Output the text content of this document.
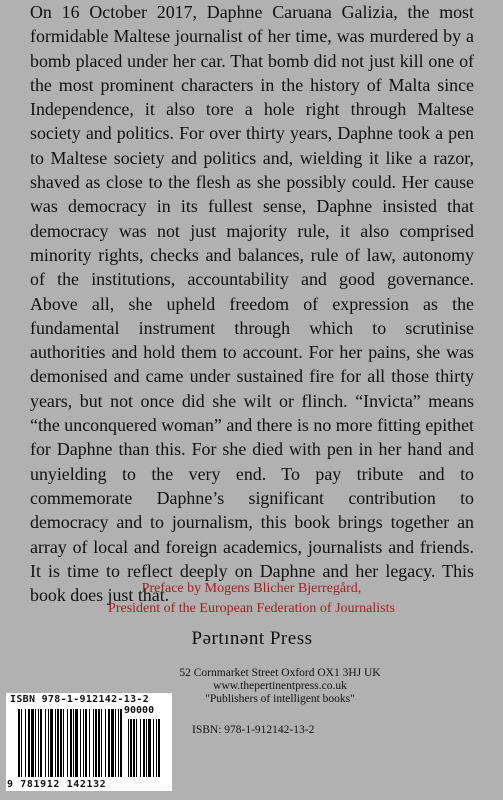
On 16 October 2017, Daphne Caruana Galizia, the most formidable Maltese journalist of her time, was murdered by a bomb placed under her car. That bomb did not just kill one of the most prominent characters in the history of Malta since Independence, it also tore a hole right through Maltese society and politics. For over thirty years, Daphne took a pen to Maltese society and politics and, wielding it like a razor, shaved as close to the flesh as she possibly could. Her cause was democracy in its fullest sense, Daphne insisted that democracy was not just majority rule, it also comprised minority rights, checks and balances, rule of law, autonomy of the institutions, accountability and good governance. Above all, she upheld freedom of expression as the fundamental instrument through which to scrutinise authorities and hold them to account. For her pains, she was demonised and came under sustained fire for all those thirty years, but not once did she wilt or flinch. “Invicta” means “the unconquered woman” and there is no more fitting epithet for Daphne than this. For she died with pen in her hand and unyielding to the very end. To pay tribute and to commemorate Daphne’s significant contribution to democracy and to journalism, this book brings together an array of local and foreign academics, journalists and friends. It is time to reflect deeply on Daphne and her legacy. This book does just that.

Preface by Mogens Blicher Bjerregård,
President of the European Federation of Journalists
Pərtınənt Press
52 Cornmarket Street Oxford OX1 3HJ UK
www.thepertinentpress.co.uk
"Publishers of intelligent books"
ISBN: 978-1-912142-13-2
ISBN 978-1-912142-13-2
90000
9 781912 142132
